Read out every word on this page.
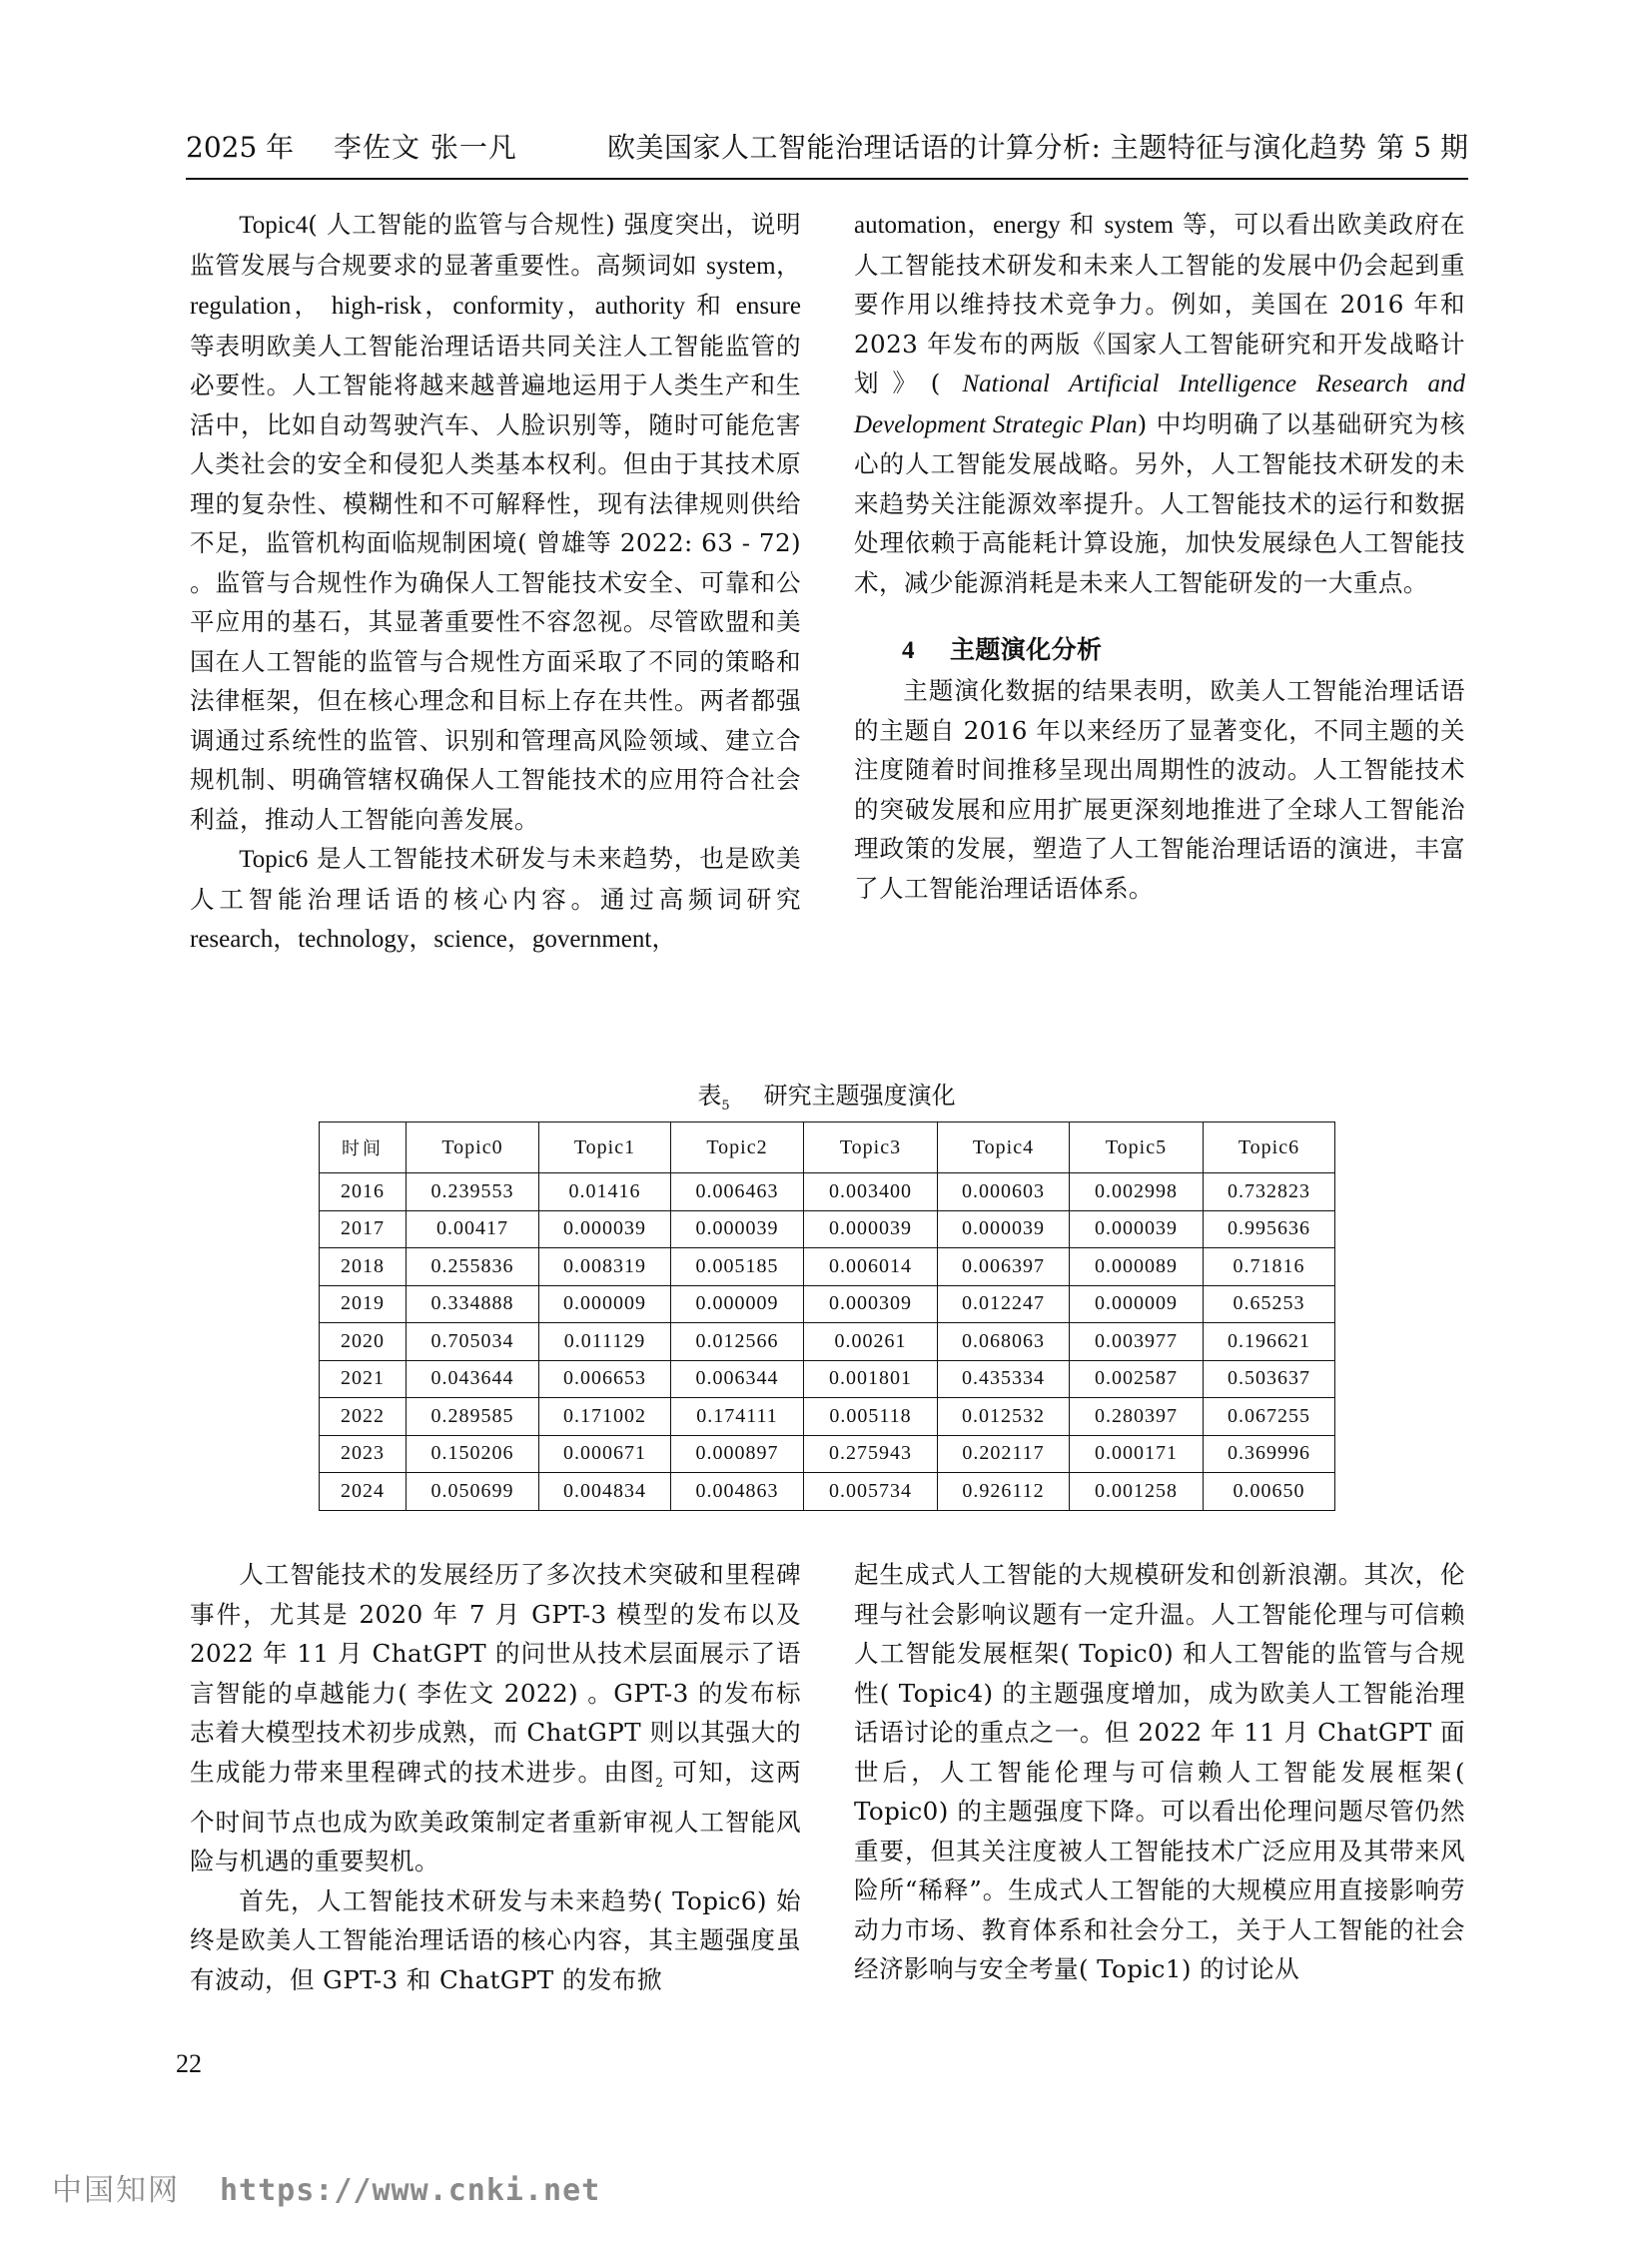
2025 年 李佐文 张一凡	欧美国家人工智能治理话语的计算分析: 主题特征与演化趋势 第 5 期

Topic4( 人工智能的监管与合规性) 强度突出，说明监管发展与合规要求的显著重要性。高频词如 system，regulation， high-risk，conformity，authority 和 ensure 等表明欧美人工智能治理话语共同关注人工智能监管的必要性。人工智能将越来越普遍地运用于人类生产和生活中，比如自动驾驶汽车、人脸识别等，随时可能危害人类社会的安全和侵犯人类基本权利。但由于其技术原理的复杂性、模糊性和不可解释性，现有法律规则供给不足，监管机构面临规制困境( 曾雄等 2022: 63 - 72) 。监管与合规性作为确保人工智能技术安全、可靠和公平应用的基石，其显著重要性不容忽视。尽管欧盟和美国在人工智能的监管与合规性方面采取了不同的策略和法律框架，但在核心理念和目标上存在共性。两者都强调通过系统性的监管、识别和管理高风险领域、建立合规机制、明确管辖权确保人工智能技术的应用符合社会利益，推动人工智能向善发展。

Topic6 是人工智能技术研发与未来趋势，也是欧美人工智能治理话语的核心内容。通过高频词研究 research，technology，science，government，

automation，energy 和 system 等，可以看出欧美政府在人工智能技术研发和未来人工智能的发展中仍会起到重要作用以维持技术竞争力。例如，美国在 2016 年和 2023 年发布的两版《国家人工智能研究和开发战略计划》( National Artificial Intelligence Research and Development Strategic Plan) 中均明确了以基础研究为核心的人工智能发展战略。另外，人工智能技术研发的未来趋势关注能源效率提升。人工智能技术的运行和数据处理依赖于高能耗计算设施，加快发展绿色人工智能技术，减少能源消耗是未来人工智能研发的一大重点。

4 主题演化分析

主题演化数据的结果表明，欧美人工智能治理话语的主题自 2016 年以来经历了显著变化，不同主题的关注度随着时间推移呈现出周期性的波动。人工智能技术的突破发展和应用扩展更深刻地推进了全球人工智能治理政策的发展，塑造了人工智能治理话语的演进，丰富了人工智能治理话语体系。

表$_5$ 研究主题强度演化
时间	Topic0	Topic1	Topic2	Topic3	Topic4	Topic5	Topic6
2016	0.239553	0.01416	0.006463	0.003400	0.000603	0.002998	0.732823
2017	0.00417	0.000039	0.000039	0.000039	0.000039	0.000039	0.995636
2018	0.255836	0.008319	0.005185	0.006014	0.006397	0.000089	0.71816
2019	0.334888	0.000009	0.000009	0.000309	0.012247	0.000009	0.65253
2020	0.705034	0.011129	0.012566	0.00261	0.068063	0.003977	0.196621
2021	0.043644	0.006653	0.006344	0.001801	0.435334	0.002587	0.503637
2022	0.289585	0.171002	0.174111	0.005118	0.012532	0.280397	0.067255
2023	0.150206	0.000671	0.000897	0.275943	0.202117	0.000171	0.369996
2024	0.050699	0.004834	0.004863	0.005734	0.926112	0.001258	0.00650

人工智能技术的发展经历了多次技术突破和里程碑事件，尤其是 2020 年 7 月 GPT-3 模型的发布以及 2022 年 11 月 ChatGPT 的问世从技术层面展示了语言智能的卓越能力( 李佐文 2022) 。GPT-3 的发布标志着大模型技术初步成熟，而 ChatGPT 则以其强大的生成能力带来里程碑式的技术进步。由图$_2$ 可知，这两个时间节点也成为欧美政策制定者重新审视人工智能风险与机遇的重要契机。

首先，人工智能技术研发与未来趋势( Topic6) 始终是欧美人工智能治理话语的核心内容，其主题强度虽有波动，但 GPT-3 和 ChatGPT 的发布掀

起生成式人工智能的大规模研发和创新浪潮。其次，伦理与社会影响议题有一定升温。人工智能伦理与可信赖人工智能发展框架( Topic0) 和人工智能的监管与合规性( Topic4) 的主题强度增加，成为欧美人工智能治理话语讨论的重点之一。但 2022 年 11 月 ChatGPT 面世后，人工智能伦理与可信赖人工智能发展框架( Topic0) 的主题强度下降。可以看出伦理问题尽管仍然重要，但其关注度被人工智能技术广泛应用及其带来风险所“稀释”。生成式人工智能的大规模应用直接影响劳动力市场、教育体系和社会分工，关于人工智能的社会经济影响与安全考量( Topic1) 的讨论从

22
中国知网 https://www.cnki.net
